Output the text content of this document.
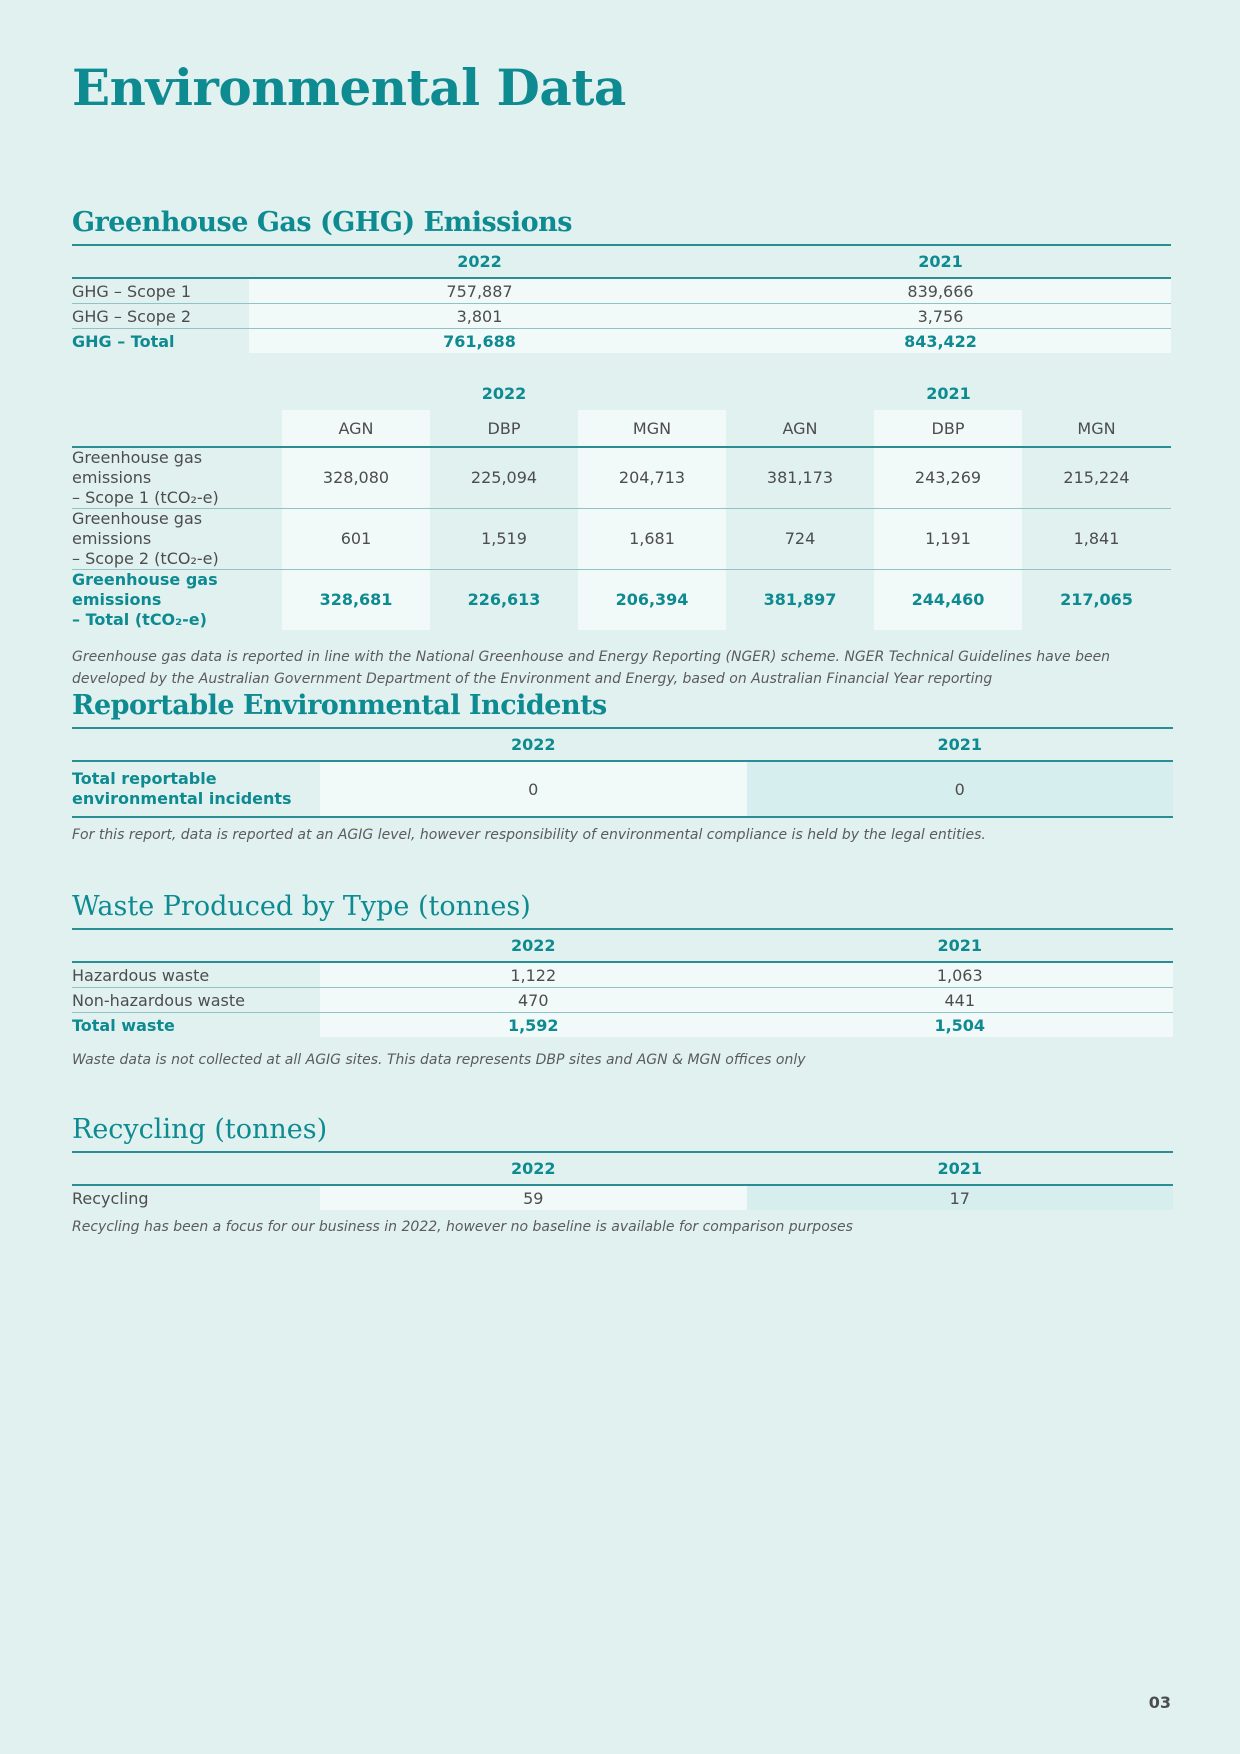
Environmental Data
Greenhouse Gas (GHG) Emissions
	2022	2021
GHG – Scope 1	757,887	839,666
GHG – Scope 2	3,801	3,756
GHG – Total	761,688	843,422
	2022			2021		
	AGN	DBP	MGN	AGN	DBP	MGN
Greenhouse gas emissions
– Scope 1 (tCO₂-e)	328,080	225,094	204,713	381,173	243,269	215,224
Greenhouse gas emissions
– Scope 2 (tCO₂-e)	601	1,519	1,681	724	1,191	1,841
Greenhouse gas emissions
– Total (tCO₂-e)	328,681	226,613	206,394	381,897	244,460	217,065

Greenhouse gas data is reported in line with the National Greenhouse and Energy Reporting (NGER) scheme. NGER Technical Guidelines have been
developed by the Australian Government Department of the Environment and Energy, based on Australian Financial Year reporting

Reportable Environmental Incidents
	2022	2021
Total reportable
environmental incidents	0	0

For this report, data is reported at an AGIG level, however responsibility of environmental compliance is held by the legal entities.

Waste Produced by Type (tonnes)
	2022	2021
Hazardous waste	1,122	1,063
Non-hazardous waste	470	441
Total waste	1,592	1,504

Waste data is not collected at all AGIG sites. This data represents DBP sites and AGN & MGN offices only

Recycling (tonnes)
	2022	2021
Recycling	59	17

Recycling has been a focus for our business in 2022, however no baseline is available for comparison purposes

03
